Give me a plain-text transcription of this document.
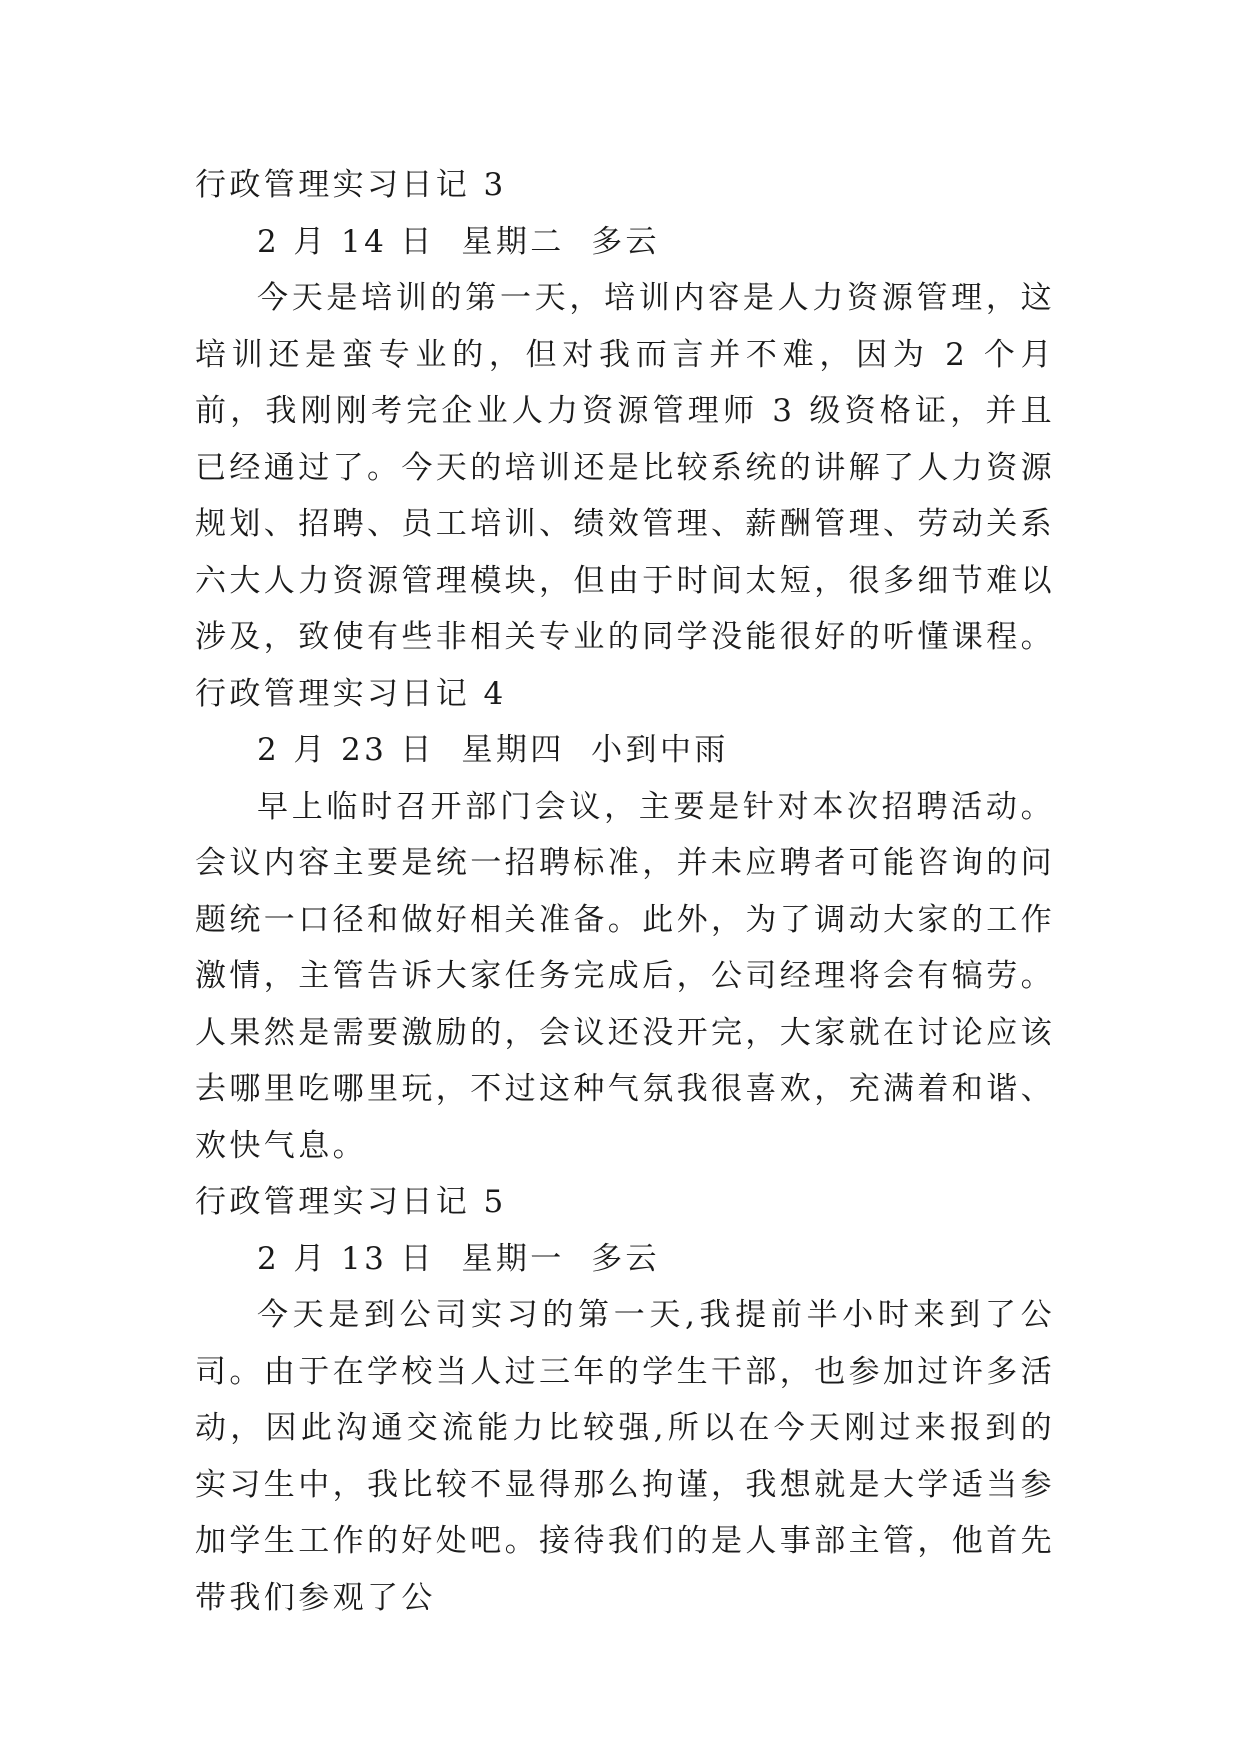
行政管理实习日记 3

2 月 14 日  星期二  多云

今天是培训的第一天，培训内容是人力资源管理，这培训还是蛮专业的，但对我而言并不难，因为 2 个月前，我刚刚考完企业人力资源管理师 3 级资格证，并且已经通过了。今天的培训还是比较系统的讲解了人力资源规划、招聘、员工培训、绩效管理、薪酬管理、劳动关系六大人力资源管理模块，但由于时间太短，很多细节难以涉及，致使有些非相关专业的同学没能很好的听懂课程。

行政管理实习日记 4

2 月 23 日  星期四  小到中雨

早上临时召开部门会议，主要是针对本次招聘活动。会议内容主要是统一招聘标准，并未应聘者可能咨询的问题统一口径和做好相关准备。此外，为了调动大家的工作激情，主管告诉大家任务完成后，公司经理将会有犒劳。人果然是需要激励的，会议还没开完，大家就在讨论应该去哪里吃哪里玩，不过这种气氛我很喜欢，充满着和谐、欢快气息。

行政管理实习日记 5

2 月 13 日  星期一  多云

今天是到公司实习的第一天,我提前半小时来到了公司。由于在学校当人过三年的学生干部，也参加过许多活动，因此沟通交流能力比较强,所以在今天刚过来报到的实习生中，我比较不显得那么拘谨，我想就是大学适当参加学生工作的好处吧。接待我们的是人事部主管，他首先带我们参观了公
